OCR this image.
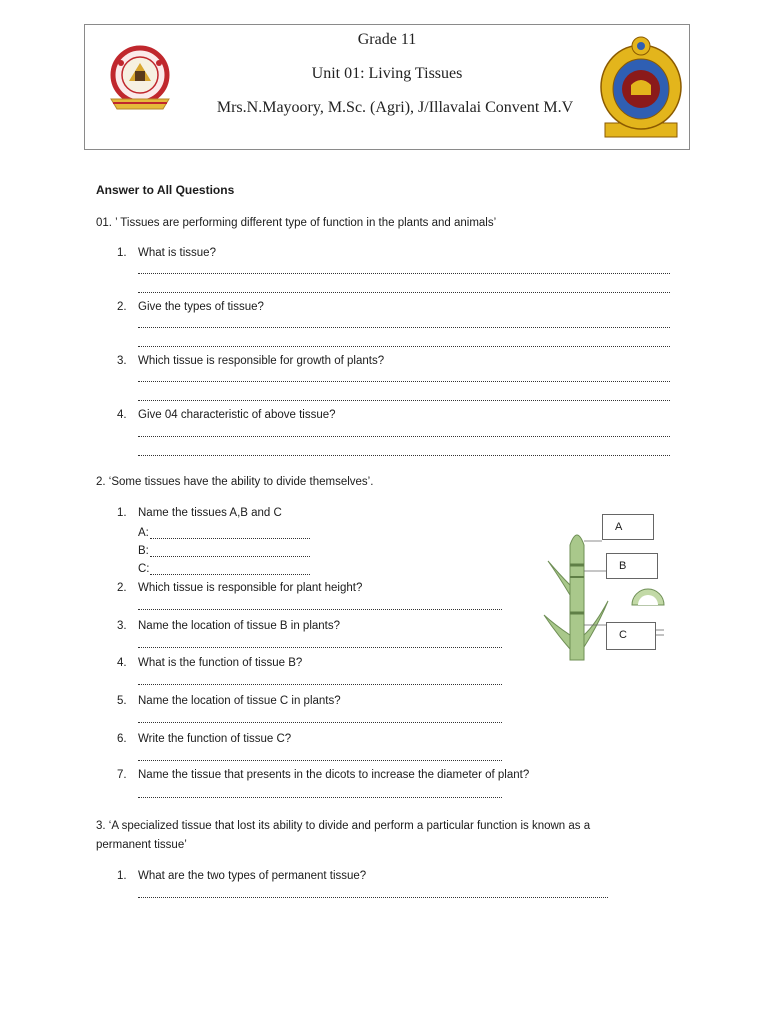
Grade 11
Unit 01: Living Tissues
Mrs.N.Mayoory, M.Sc. (Agri), J/Illavalai Convent M.V
Answer to All Questions
01. ’ Tissues are performing different type of function in the plants and animals’
1. What is tissue?
2. Give the types of tissue?
3. Which tissue is responsible for growth of plants?
4. Give 04 characteristic of above tissue?
2. ‘Some tissues have the ability to divide themselves’.
1. Name the tissues A,B and C
A:
B:
C:
2. Which tissue is responsible for plant height?
3. Name the location of tissue B in plants?
4. What is the function of tissue B?
5. Name the location of tissue C in plants?
6. Write the function of tissue C?
7. Name the tissue that presents in the dicots to increase the diameter of plant?
A
B
C
3. ‘A specialized tissue that lost its ability to divide and perform a particular function is known as a
permanent tissue’
1. What are the two types of permanent tissue?
